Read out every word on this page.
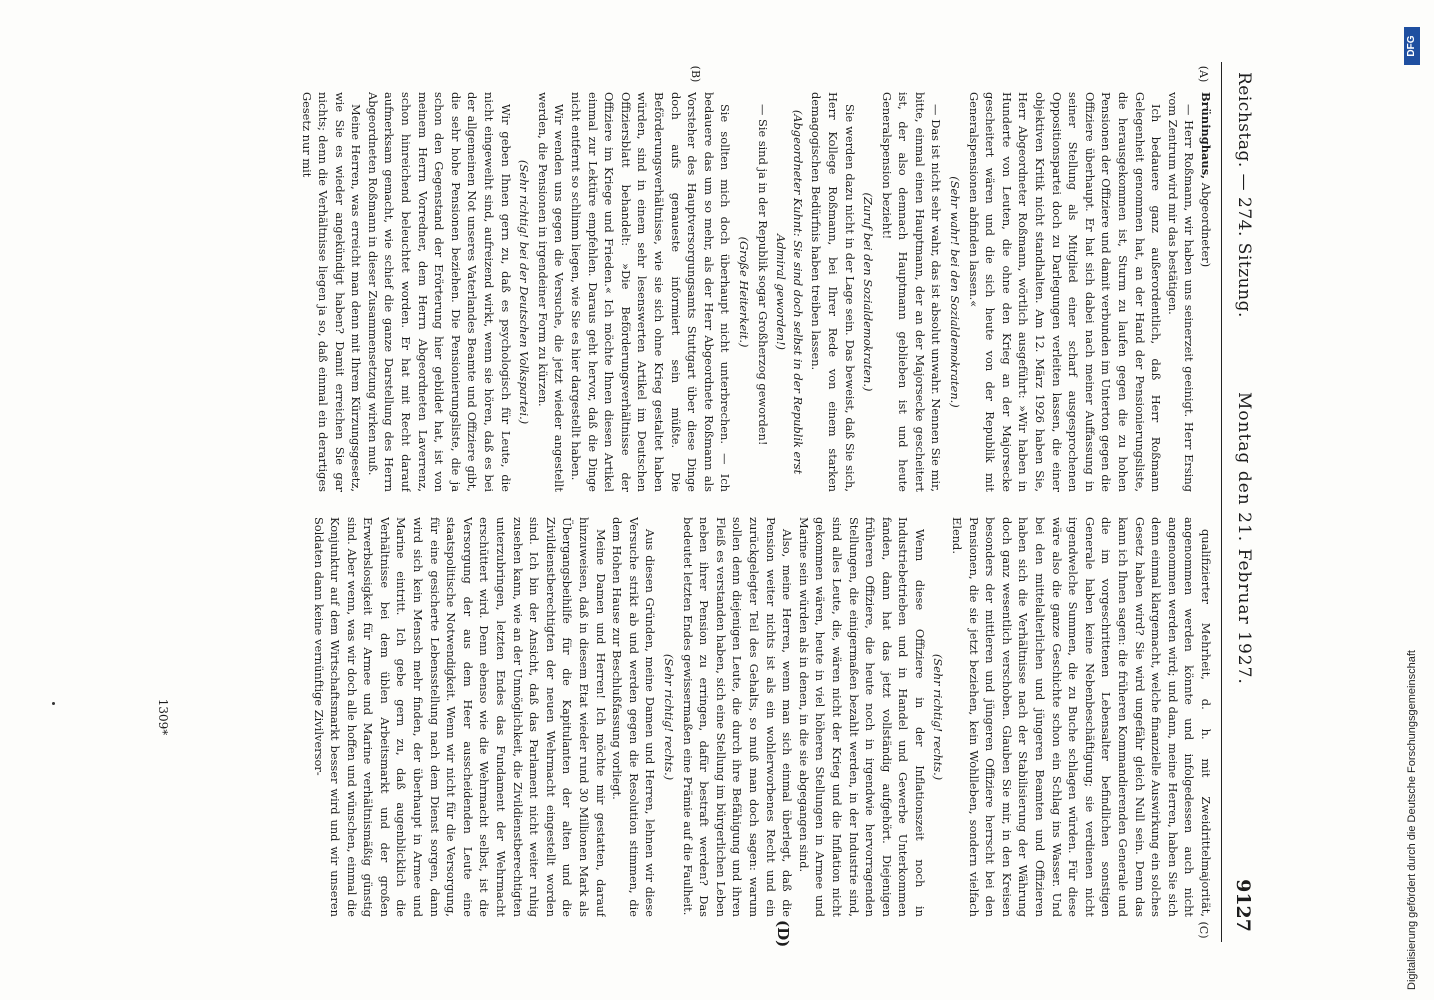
Reichstag. — 274. Sitzung.
Montag den 21. Februar 1927.
9127
(A)
(B)
(C)
(D)

Brüninghaus, Abgeordneter)

— Herr Roßmann, wir haben uns seinerzeit geeinigt. Herr Ersing vom Zentrum wird mir das bestätigen.

Ich bedauere ganz außerordentlich, daß Herr Roßmann Gelegenheit genommen hat, an der Hand der Pensionierungsliste, die herausgekommen ist, Sturm zu laufen gegen die zu hohen Pensionen der Offiziere und damit verbunden im Unterton gegen die Offiziere überhaupt. Er hat sich dabei nach meiner Auffassung in seiner Stellung als Mitglied einer scharf ausgesprochenen Oppositionspartei doch zu Darlegungen verleiten lassen, die einer objektiven Kritik nicht standhalten. Am 12. März 1926 haben Sie, Herr Abgeordneter Roßmann, wörtlich ausgeführt: »Wir haben in Hunderte von Leuten, die ohne den Krieg an der Majorsecke gescheitert wären und die sich heute von der Republik mit Generalspensionen abfinden lassen.«

(Sehr wahr! bei den Sozialdemokraten.)

— Das ist nicht sehr wahr, das ist absolut unwahr. Nennen Sie mir, bitte, einmal einen Hauptmann, der an der Majorsecke gescheitert ist, der also demnach Hauptmann geblieben ist und heute Generalspension bezieht!

(Zuruf bei den Sozialdemokraten.)

Sie werden dazu nicht in der Lage sein. Das beweist, daß Sie sich, Herr Kollege Roßmann, bei Ihrer Rede von einem starken demagogischen Bedürfnis haben treiben lassen.

(Abgeordneter Kuhnt: Sie sind doch selbst in der Republik erst Admiral geworden!)

— Sie sind ja in der Republik sogar Großherzog geworden!

(Große Heiterkeit.)

Sie sollten mich doch überhaupt nicht unterbrechen. — Ich bedauere das um so mehr, als der Herr Abgeordnete Roßmann als Vorsteher des Hauptversorgungsamts Stuttgart über diese Dinge doch aufs genaueste informiert sein müßte. Die Beförderungsverhältnisse, wie sie sich ohne Krieg gestaltet haben würden, sind in einem sehr lesenswerten Artikel im Deutschen Offiziersblatt behandelt: »Die Beförderungsverhältnisse der Offiziere im Kriege und Frieden.« Ich möchte Ihnen diesen Artikel einmal zur Lektüre empfehlen. Daraus geht hervor, daß die Dinge nicht entfernt so schlimm liegen, wie Sie es hier dargestellt haben.

Wir wenden uns gegen die Versuche, die jetzt wieder angestellt werden, die Pensionen in irgendeiner Form zu kürzen.

(Sehr richtig! bei der Deutschen Volkspartei.)

Wir geben Ihnen gern zu, daß es psychologisch für Leute, die nicht eingeweiht sind, aufreizend wirkt, wenn sie hören, daß es bei der allgemeinen Not unseres Vaterlandes Beamte und Offiziere gibt, die sehr hohe Pensionen beziehen. Die Pensionierungsliste, die ja schon den Gegenstand der Erörterung hier gebildet hat, ist von meinem Herrn Vorredner, dem Herrn Abgeordneten Laverrenz, schon hinreichend beleuchtet worden. Er hat mit Recht darauf aufmerksam gemacht, wie schief die ganze Darstellung des Herrn Abgeordneten Roßmann in dieser Zusammensetzung wirken muß.

Meine Herren, was erreicht man denn mit Ihrem Kürzungsgesetz, wie Sie es wieder angekündigt haben? Damit erreichen Sie gar nichts; denn die Verhältnisse liegen ja so, daß einmal ein derartiges Gesetz nur mit

qualifizierter Mehrheit, d. h. mit Zweidrittelmajorität, angenommen werden könnte und infolgedessen auch nicht angenommen werden wird; und dann, meine Herren, haben Sie sich denn einmal klargemacht, welche finanzielle Auswirkung ein solches Gesetz haben wird? Sie wird ungefähr gleich Null sein. Denn das kann ich Ihnen sagen: die früheren Kommandierenden Generale und die im vorgeschrittenen Lebensalter befindlichen sonstigen Generale haben keine Nebenbeschäftigung; sie verdienen nicht irgendwelche Summen, die zu Buche schlagen würden. Für diese wäre also die ganze Geschichte schon ein Schlag ins Wasser. Und bei den mittelalterlichen und jüngeren Beamten und Offizieren haben sich die Verhältnisse nach der Stabilisierung der Währung doch ganz wesentlich verschoben. Glauben Sie mir, in den Kreisen besonders der mittleren und jüngeren Offiziere herrscht bei den Pensionen, die sie jetzt beziehen, kein Wohlleben, sondern vielfach Elend.

(Sehr richtig! rechts.)

Wenn diese Offiziere in der Inflationszeit noch in Industriebetrieben und in Handel und Gewerbe Unterkommen fanden, dann hat das jetzt vollständig aufgehört. Diejenigen früheren Offiziere, die heute noch in irgendwie hervorragenden Stellungen, die einigermaßen bezahlt werden, in der Industrie sind, sind alles Leute, die, wären nicht der Krieg und die Inflation nicht gekommen wären, heute in viel höheren Stellungen in Armee und Marine sein würden als in denen, in die sie abgegangen sind.

Also, meine Herren, wenn man sich einmal überlegt, daß die Pension weiter nichts ist als ein wohlerworbenes Recht und ein zurückgelegter Teil des Gehalts, so muß man doch sagen: warum sollen denn diejenigen Leute, die durch ihre Befähigung und ihren Fleiß es verstanden haben, sich eine Stellung im bürgerlichen Leben neben ihrer Pension zu erringen, dafür bestraft werden? Das bedeutet letzten Endes gewissermaßen eine Prämie auf die Faulheit.

(Sehr richtig! rechts.)

Aus diesen Gründen, meine Damen und Herren, lehnen wir diese Versuche strikt ab und werden gegen die Resolution stimmen, die dem Hohen Hause zur Beschlußfassung vorliegt.

Meine Damen und Herren! Ich möchte mir gestatten, darauf hinzuweisen, daß in diesem Etat wieder rund 30 Millionen Mark als Übergangsbeihilfe für die Kapitulanten der alten und die Zivildienstberechtigten der neuen Wehrmacht eingestellt worden sind. Ich bin der Ansicht, daß das Parlament nicht weiter ruhig zusehen kann, wie an der Unmöglichkeit, die Zivildienstberechtigten unterzubringen, letzten Endes das Fundament der Wehrmacht erschüttert wird. Denn ebenso wie die Wehrmacht selbst, ist die Versorgung der aus dem Heer ausscheidenden Leute eine staatspolitische Notwendigkeit. Wenn wir nicht für die Versorgung, für eine gesicherte Lebensstellung nach dem Dienst sorgen, dann wird sich kein Mensch mehr finden, der überhaupt in Armee und Marine eintritt. Ich gebe gern zu, daß augenblicklich die Verhältnisse bei dem üblen Arbeitsmarkt und der großen Erwerbslosigkeit für Armee und Marine verhältnismäßig günstig sind. Aber wenn, was wir doch alle hoffen und wünschen, einmal die Konjunktur auf dem Wirtschaftsmarkt besser wird und wir unseren Soldaten dann keine vernünftige Zivilversor-

1309*	Digitalisierung gefördert durch die Deutsche Forschungsgemeinschaft
DFG
